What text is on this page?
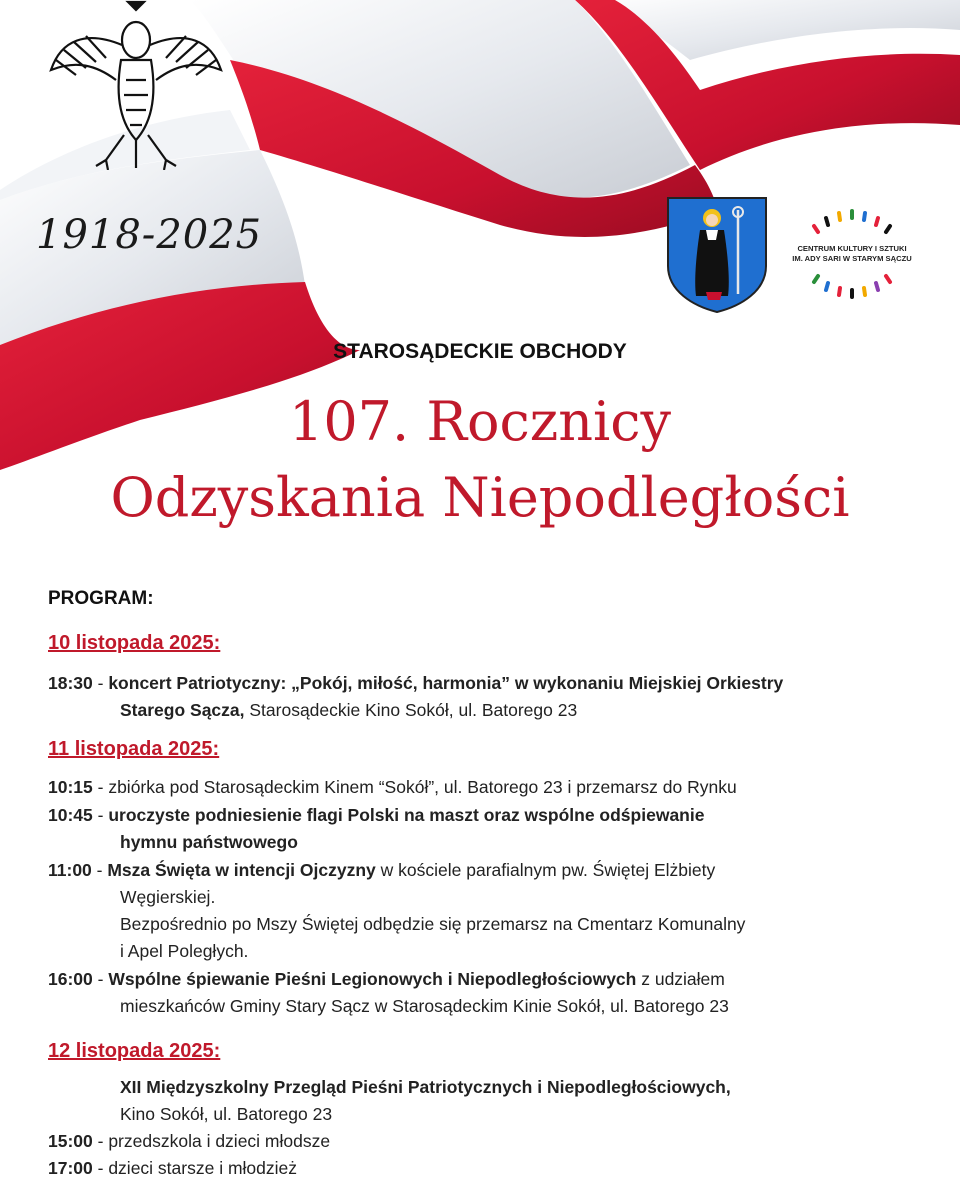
1918-2025	CENTRUM KULTURY I SZTUKI
IM. ADY SARI W STARYM SĄCZU
STAROSĄDECKIE OBCHODY
107. Rocznicy
Odzyskania Niepodległości
PROGRAM:
10 listopada 2025:
18:30 - koncert Patriotyczny: „Pokój, miłość, harmonia” w wykonaniu Miejskiej Orkiestry
Starego Sącza, Starosądeckie Kino Sokół, ul. Batorego 23
11 listopada 2025:
10:15 - zbiórka pod Starosądeckim Kinem “Sokół”, ul. Batorego 23 i przemarsz do Rynku
10:45 - uroczyste podniesienie flagi Polski na maszt oraz wspólne odśpiewanie
hymnu państwowego
11:00 - Msza Święta w intencji Ojczyzny w kościele parafialnym pw. Świętej Elżbiety
Węgierskiej.
Bezpośrednio po Mszy Świętej odbędzie się przemarsz na Cmentarz Komunalny
i Apel Poległych.
16:00 - Wspólne śpiewanie Pieśni Legionowych i Niepodległościowych z udziałem
mieszkańców Gminy Stary Sącz w Starosądeckim Kinie Sokół, ul. Batorego 23
12 listopada 2025:
XII Międzyszkolny Przegląd Pieśni Patriotycznych i Niepodległościowych,
Kino Sokół, ul. Batorego 23
15:00 - przedszkola i dzieci młodsze
17:00 - dzieci starsze i młodzież
